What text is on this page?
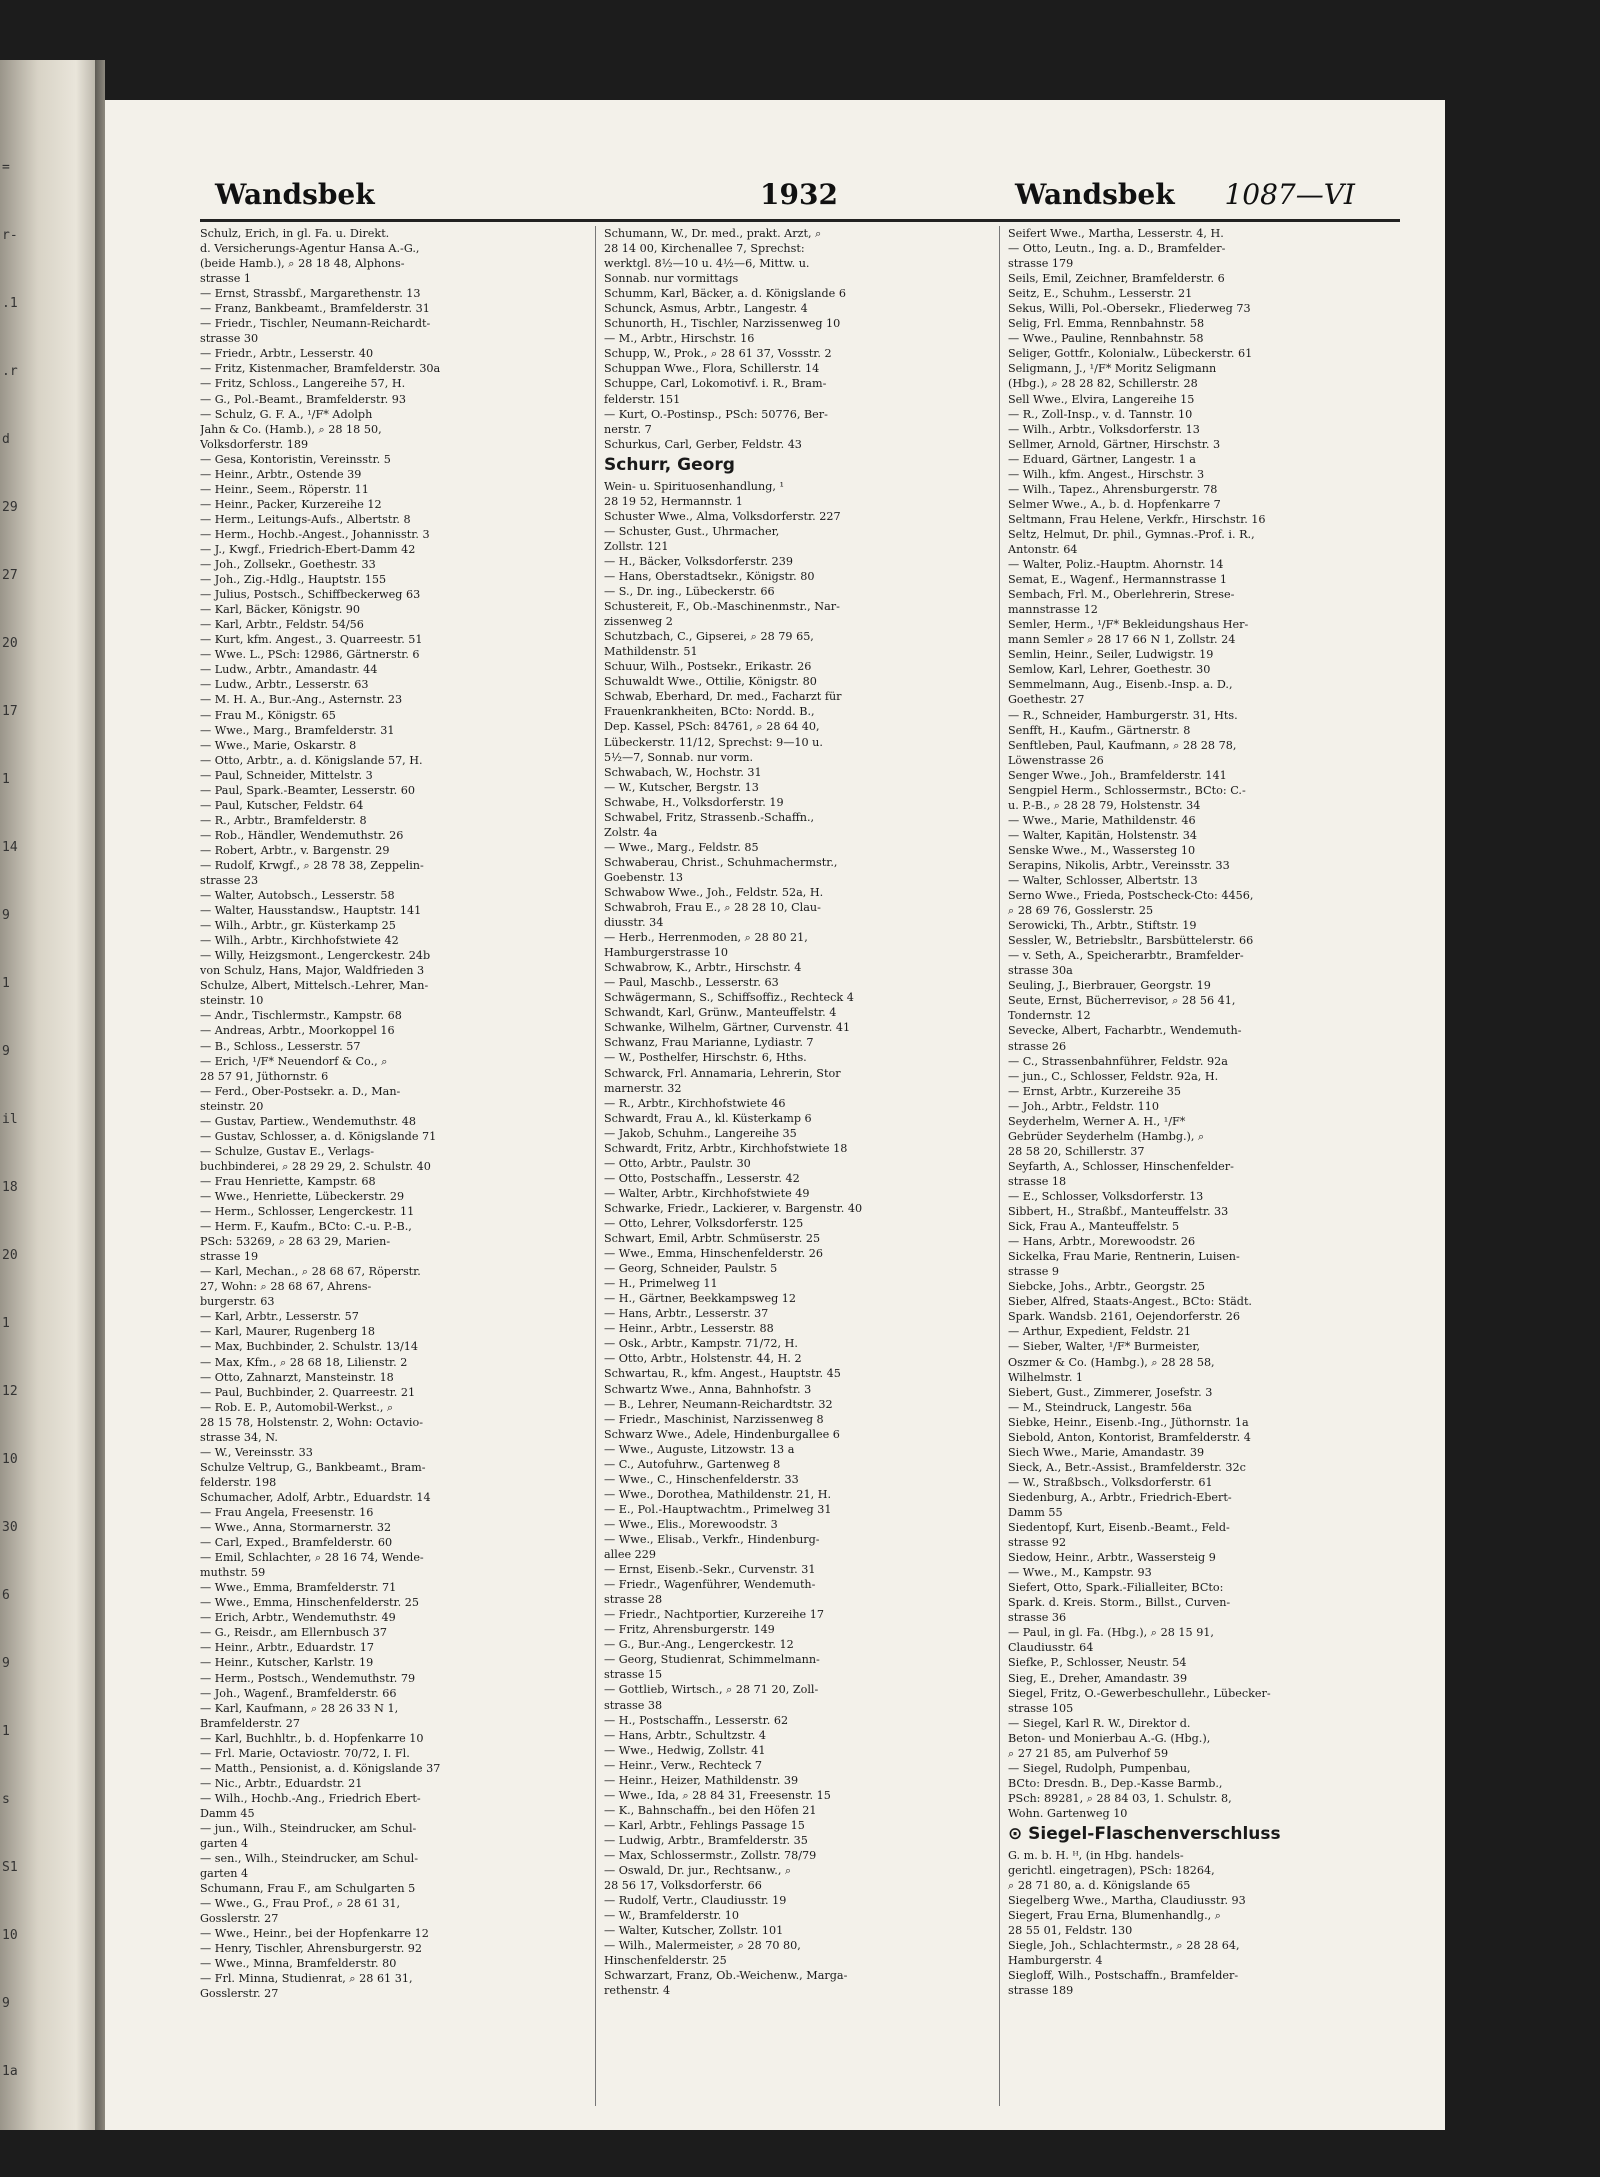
=
r-
.1
.r
d
29
27
20
17
1
14
9
1
9
il
18
20
1
12
10
30
6
9
1
s
S1
10
9
1a
Wandsbek	1932	Wandsbek 1087—VI
Schulz, Erich, in gl. Fa. u. Direkt.
d. Versicherungs-Agentur Hansa A.-G.,
(beide Hamb.), ⌕ 28 18 48, Alphons-
strasse 1
— Ernst, Strassbf., Margarethenstr. 13
— Franz, Bankbeamt., Bramfelderstr. 31
— Friedr., Tischler, Neumann-Reichardt-
strasse 30
— Friedr., Arbtr., Lesserstr. 40
— Fritz, Kistenmacher, Bramfelderstr. 30a
— Fritz, Schloss., Langereihe 57, H.
— G., Pol.-Beamt., Bramfelderstr. 93
— Schulz, G. F. A., ¹/F* Adolph
Jahn & Co. (Hamb.), ⌕ 28 18 50,
Volksdorferstr. 189
— Gesa, Kontoristin, Vereinsstr. 5
— Heinr., Arbtr., Ostende 39
— Heinr., Seem., Röperstr. 11
— Heinr., Packer, Kurzereihe 12
— Herm., Leitungs-Aufs., Albertstr. 8
— Herm., Hochb.-Angest., Johannisstr. 3
— J., Kwgf., Friedrich-Ebert-Damm 42
— Joh., Zollsekr., Goethestr. 33
— Joh., Zig.-Hdlg., Hauptstr. 155
— Julius, Postsch., Schiffbeckerweg 63
— Karl, Bäcker, Königstr. 90
— Karl, Arbtr., Feldstr. 54/56
— Kurt, kfm. Angest., 3. Quarreestr. 51
— Wwe. L., PSch: 12986, Gärtnerstr. 6
— Ludw., Arbtr., Amandastr. 44
— Ludw., Arbtr., Lesserstr. 63
— M. H. A., Bur.-Ang., Asternstr. 23
— Frau M., Königstr. 65
— Wwe., Marg., Bramfelderstr. 31
— Wwe., Marie, Oskarstr. 8
— Otto, Arbtr., a. d. Königslande 57, H.
— Paul, Schneider, Mittelstr. 3
— Paul, Spark.-Beamter, Lesserstr. 60
— Paul, Kutscher, Feldstr. 64
— R., Arbtr., Bramfelderstr. 8
— Rob., Händler, Wendemuthstr. 26
— Robert, Arbtr., v. Bargenstr. 29
— Rudolf, Krwgf., ⌕ 28 78 38, Zeppelin-
strasse 23
— Walter, Autobsch., Lesserstr. 58
— Walter, Hausstandsw., Hauptstr. 141
— Wilh., Arbtr., gr. Küsterkamp 25
— Wilh., Arbtr., Kirchhofstwiete 42
— Willy, Heizgsmont., Lengerckestr. 24b
von Schulz, Hans, Major, Waldfrieden 3
Schulze, Albert, Mittelsch.-Lehrer, Man-
steinstr. 10
— Andr., Tischlermstr., Kampstr. 68
— Andreas, Arbtr., Moorkoppel 16
— B., Schloss., Lesserstr. 57
— Erich, ¹/F* Neuendorf & Co., ⌕
28 57 91, Jüthornstr. 6
— Ferd., Ober-Postsekr. a. D., Man-
steinstr. 20
— Gustav, Partiew., Wendemuthstr. 48
— Gustav, Schlosser, a. d. Königslande 71
— Schulze, Gustav E., Verlags-
buchbinderei, ⌕ 28 29 29, 2. Schulstr. 40
— Frau Henriette, Kampstr. 68
— Wwe., Henriette, Lübeckerstr. 29
— Herm., Schlosser, Lengerckestr. 11
— Herm. F., Kaufm., BCto: C.-u. P.-B.,
PSch: 53269, ⌕ 28 63 29, Marien-
strasse 19
— Karl, Mechan., ⌕ 28 68 67, Röperstr.
27, Wohn: ⌕ 28 68 67, Ahrens-
burgerstr. 63
— Karl, Arbtr., Lesserstr. 57
— Karl, Maurer, Rugenberg 18
— Max, Buchbinder, 2. Schulstr. 13/14
— Max, Kfm., ⌕ 28 68 18, Lilienstr. 2
— Otto, Zahnarzt, Mansteinstr. 18
— Paul, Buchbinder, 2. Quarreestr. 21
— Rob. E. P., Automobil-Werkst., ⌕
28 15 78, Holstenstr. 2, Wohn: Octavio-
strasse 34, N.
— W., Vereinsstr. 33
Schulze Veltrup, G., Bankbeamt., Bram-
felderstr. 198
Schumacher, Adolf, Arbtr., Eduardstr. 14
— Frau Angela, Freesenstr. 16
— Wwe., Anna, Stormarnerstr. 32
— Carl, Exped., Bramfelderstr. 60
— Emil, Schlachter, ⌕ 28 16 74, Wende-
muthstr. 59
— Wwe., Emma, Bramfelderstr. 71
— Wwe., Emma, Hinschenfelderstr. 25
— Erich, Arbtr., Wendemuthstr. 49
— G., Reisdr., am Ellernbusch 37
— Heinr., Arbtr., Eduardstr. 17
— Heinr., Kutscher, Karlstr. 19
— Herm., Postsch., Wendemuthstr. 79
— Joh., Wagenf., Bramfelderstr. 66
— Karl, Kaufmann, ⌕ 28 26 33 N 1,
Bramfelderstr. 27
— Karl, Buchhltr., b. d. Hopfenkarre 10
— Frl. Marie, Octaviostr. 70/72, I. Fl.
— Matth., Pensionist, a. d. Königslande 37
— Nic., Arbtr., Eduardstr. 21
— Wilh., Hochb.-Ang., Friedrich Ebert-
Damm 45
— jun., Wilh., Steindrucker, am Schul-
garten 4
— sen., Wilh., Steindrucker, am Schul-
garten 4
Schumann, Frau F., am Schulgarten 5
— Wwe., G., Frau Prof., ⌕ 28 61 31,
Gosslerstr. 27
— Wwe., Heinr., bei der Hopfenkarre 12
— Henry, Tischler, Ahrensburgerstr. 92
— Wwe., Minna, Bramfelderstr. 80
— Frl. Minna, Studienrat, ⌕ 28 61 31,
Gosslerstr. 27
Schumann, W., Dr. med., prakt. Arzt, ⌕
28 14 00, Kirchenallee 7, Sprechst:
werktgl. 8½—10 u. 4½—6, Mittw. u.
Sonnab. nur vormittags
Schumm, Karl, Bäcker, a. d. Königslande 6
Schunck, Asmus, Arbtr., Langestr. 4
Schunorth, H., Tischler, Narzissenweg 10
— M., Arbtr., Hirschstr. 16
Schupp, W., Prok., ⌕ 28 61 37, Vossstr. 2
Schuppan Wwe., Flora, Schillerstr. 14
Schuppe, Carl, Lokomotivf. i. R., Bram-
felderstr. 151
— Kurt, O.-Postinsp., PSch: 50776, Ber-
nerstr. 7
Schurkus, Carl, Gerber, Feldstr. 43
Schurr, Georg
Wein- u. Spirituosenhandlung, ¹
28 19 52, Hermannstr. 1
Schuster Wwe., Alma, Volksdorferstr. 227
— Schuster, Gust., Uhrmacher,
Zollstr. 121
— H., Bäcker, Volksdorferstr. 239
— Hans, Oberstadtsekr., Königstr. 80
— S., Dr. ing., Lübeckerstr. 66
Schustereit, F., Ob.-Maschinenmstr., Nar-
zissenweg 2
Schutzbach, C., Gipserei, ⌕ 28 79 65,
Mathildenstr. 51
Schuur, Wilh., Postsekr., Erikastr. 26
Schuwaldt Wwe., Ottilie, Königstr. 80
Schwab, Eberhard, Dr. med., Facharzt für
Frauenkrankheiten, BCto: Nordd. B.,
Dep. Kassel, PSch: 84761, ⌕ 28 64 40,
Lübeckerstr. 11/12, Sprechst: 9—10 u.
5½—7, Sonnab. nur vorm.
Schwabach, W., Hochstr. 31
— W., Kutscher, Bergstr. 13
Schwabe, H., Volksdorferstr. 19
Schwabel, Fritz, Strassenb.-Schaffn.,
Zolstr. 4a
— Wwe., Marg., Feldstr. 85
Schwaberau, Christ., Schuhmachermstr.,
Goebenstr. 13
Schwabow Wwe., Joh., Feldstr. 52a, H.
Schwabroh, Frau E., ⌕ 28 28 10, Clau-
diusstr. 34
— Herb., Herrenmoden, ⌕ 28 80 21,
Hamburgerstrasse 10
Schwabrow, K., Arbtr., Hirschstr. 4
— Paul, Maschb., Lesserstr. 63
Schwägermann, S., Schiffsoffiz., Rechteck 4
Schwandt, Karl, Grünw., Manteuffelstr. 4
Schwanke, Wilhelm, Gärtner, Curvenstr. 41
Schwanz, Frau Marianne, Lydiastr. 7
— W., Posthelfer, Hirschstr. 6, Hths.
Schwarck, Frl. Annamaria, Lehrerin, Stor
marnerstr. 32
— R., Arbtr., Kirchhofstwiete 46
Schwardt, Frau A., kl. Küsterkamp 6
— Jakob, Schuhm., Langereihe 35
Schwardt, Fritz, Arbtr., Kirchhofstwiete 18
— Otto, Arbtr., Paulstr. 30
— Otto, Postschaffn., Lesserstr. 42
— Walter, Arbtr., Kirchhofstwiete 49
Schwarke, Friedr., Lackierer, v. Bargenstr. 40
— Otto, Lehrer, Volksdorferstr. 125
Schwart, Emil, Arbtr. Schmüserstr. 25
— Wwe., Emma, Hinschenfelderstr. 26
— Georg, Schneider, Paulstr. 5
— H., Primelweg 11
— H., Gärtner, Beekkampsweg 12
— Hans, Arbtr., Lesserstr. 37
— Heinr., Arbtr., Lesserstr. 88
— Osk., Arbtr., Kampstr. 71/72, H.
— Otto, Arbtr., Holstenstr. 44, H. 2
Schwartau, R., kfm. Angest., Hauptstr. 45
Schwartz Wwe., Anna, Bahnhofstr. 3
— B., Lehrer, Neumann-Reichardtstr. 32
— Friedr., Maschinist, Narzissenweg 8
Schwarz Wwe., Adele, Hindenburgallee 6
— Wwe., Auguste, Litzowstr. 13 a
— C., Autofuhrw., Gartenweg 8
— Wwe., C., Hinschenfelderstr. 33
— Wwe., Dorothea, Mathildenstr. 21, H.
— E., Pol.-Hauptwachtm., Primelweg 31
— Wwe., Elis., Morewoodstr. 3
— Wwe., Elisab., Verkfr., Hindenburg-
allee 229
— Ernst, Eisenb.-Sekr., Curvenstr. 31
— Friedr., Wagenführer, Wendemuth-
strasse 28
— Friedr., Nachtportier, Kurzereihe 17
— Fritz, Ahrensburgerstr. 149
— G., Bur.-Ang., Lengerckestr. 12
— Georg, Studienrat, Schimmelmann-
strasse 15
— Gottlieb, Wirtsch., ⌕ 28 71 20, Zoll-
strasse 38
— H., Postschaffn., Lesserstr. 62
— Hans, Arbtr., Schultzstr. 4
— Wwe., Hedwig, Zollstr. 41
— Heinr., Verw., Rechteck 7
— Heinr., Heizer, Mathildenstr. 39
— Wwe., Ida, ⌕ 28 84 31, Freesenstr. 15
— K., Bahnschaffn., bei den Höfen 21
— Karl, Arbtr., Fehlings Passage 15
— Ludwig, Arbtr., Bramfelderstr. 35
— Max, Schlossermstr., Zollstr. 78/79
— Oswald, Dr. jur., Rechtsanw., ⌕
28 56 17, Volksdorferstr. 66
— Rudolf, Vertr., Claudiusstr. 19
— W., Bramfelderstr. 10
— Walter, Kutscher, Zollstr. 101
— Wilh., Malermeister, ⌕ 28 70 80,
Hinschenfelderstr. 25
Schwarzart, Franz, Ob.-Weichenw., Marga-
rethenstr. 4
Seifert Wwe., Martha, Lesserstr. 4, H.
— Otto, Leutn., Ing. a. D., Bramfelder-
strasse 179
Seils, Emil, Zeichner, Bramfelderstr. 6
Seitz, E., Schuhm., Lesserstr. 21
Sekus, Willi, Pol.-Obersekr., Fliederweg 73
Selig, Frl. Emma, Rennbahnstr. 58
— Wwe., Pauline, Rennbahnstr. 58
Seliger, Gottfr., Kolonialw., Lübeckerstr. 61
Seligmann, J., ¹/F* Moritz Seligmann
(Hbg.), ⌕ 28 28 82, Schillerstr. 28
Sell Wwe., Elvira, Langereihe 15
— R., Zoll-Insp., v. d. Tannstr. 10
— Wilh., Arbtr., Volksdorferstr. 13
Sellmer, Arnold, Gärtner, Hirschstr. 3
— Eduard, Gärtner, Langestr. 1 a
— Wilh., kfm. Angest., Hirschstr. 3
— Wilh., Tapez., Ahrensburgerstr. 78
Selmer Wwe., A., b. d. Hopfenkarre 7
Seltmann, Frau Helene, Verkfr., Hirschstr. 16
Seltz, Helmut, Dr. phil., Gymnas.-Prof. i. R.,
Antonstr. 64
— Walter, Poliz.-Hauptm. Ahornstr. 14
Semat, E., Wagenf., Hermannstrasse 1
Sembach, Frl. M., Oberlehrerin, Strese-
mannstrasse 12
Semler, Herm., ¹/F* Bekleidungshaus Her-
mann Semler ⌕ 28 17 66 N 1, Zollstr. 24
Semlin, Heinr., Seiler, Ludwigstr. 19
Semlow, Karl, Lehrer, Goethestr. 30
Semmelmann, Aug., Eisenb.-Insp. a. D.,
Goethestr. 27
— R., Schneider, Hamburgerstr. 31, Hts.
Senfft, H., Kaufm., Gärtnerstr. 8
Senftleben, Paul, Kaufmann, ⌕ 28 28 78,
Löwenstrasse 26
Senger Wwe., Joh., Bramfelderstr. 141
Sengpiel Herm., Schlossermstr., BCto: C.-
u. P.-B., ⌕ 28 28 79, Holstenstr. 34
— Wwe., Marie, Mathildenstr. 46
— Walter, Kapitän, Holstenstr. 34
Senske Wwe., M., Wassersteg 10
Serapins, Nikolis, Arbtr., Vereinsstr. 33
— Walter, Schlosser, Albertstr. 13
Serno Wwe., Frieda, Postscheck-Cto: 4456,
⌕ 28 69 76, Gosslerstr. 25
Serowicki, Th., Arbtr., Stiftstr. 19
Sessler, W., Betriebsltr., Barsbüttelerstr. 66
— v. Seth, A., Speicherarbtr., Bramfelder-
strasse 30a
Seuling, J., Bierbrauer, Georgstr. 19
Seute, Ernst, Bücherrevisor, ⌕ 28 56 41,
Tondernstr. 12
Sevecke, Albert, Facharbtr., Wendemuth-
strasse 26
— C., Strassenbahnführer, Feldstr. 92a
— jun., C., Schlosser, Feldstr. 92a, H.
— Ernst, Arbtr., Kurzereihe 35
— Joh., Arbtr., Feldstr. 110
Seyderhelm, Werner A. H., ¹/F*
Gebrüder Seyderhelm (Hambg.), ⌕
28 58 20, Schillerstr. 37
Seyfarth, A., Schlosser, Hinschenfelder-
strasse 18
— E., Schlosser, Volksdorferstr. 13
Sibbert, H., Straßbf., Manteuffelstr. 33
Sick, Frau A., Manteuffelstr. 5
— Hans, Arbtr., Morewoodstr. 26
Sickelka, Frau Marie, Rentnerin, Luisen-
strasse 9
Siebcke, Johs., Arbtr., Georgstr. 25
Sieber, Alfred, Staats-Angest., BCto: Städt.
Spark. Wandsb. 2161, Oejendorferstr. 26
— Arthur, Expedient, Feldstr. 21
— Sieber, Walter, ¹/F* Burmeister,
Oszmer & Co. (Hambg.), ⌕ 28 28 58,
Wilhelmstr. 1
Siebert, Gust., Zimmerer, Josefstr. 3
— M., Steindruck, Langestr. 56a
Siebke, Heinr., Eisenb.-Ing., Jüthornstr. 1a
Siebold, Anton, Kontorist, Bramfelderstr. 4
Siech Wwe., Marie, Amandastr. 39
Sieck, A., Betr.-Assist., Bramfelderstr. 32c
— W., Straßbsch., Volksdorferstr. 61
Siedenburg, A., Arbtr., Friedrich-Ebert-
Damm 55
Siedentopf, Kurt, Eisenb.-Beamt., Feld-
strasse 92
Siedow, Heinr., Arbtr., Wassersteig 9
— Wwe., M., Kampstr. 93
Siefert, Otto, Spark.-Filialleiter, BCto:
Spark. d. Kreis. Storm., Billst., Curven-
strasse 36
— Paul, in gl. Fa. (Hbg.), ⌕ 28 15 91,
Claudiusstr. 64
Siefke, P., Schlosser, Neustr. 54
Sieg, E., Dreher, Amandastr. 39
Siegel, Fritz, O.-Gewerbeschullehr., Lübecker-
strasse 105
— Siegel, Karl R. W., Direktor d.
Beton- und Monierbau A.-G. (Hbg.),
⌕ 27 21 85, am Pulverhof 59
— Siegel, Rudolph, Pumpenbau,
BCto: Dresdn. B., Dep.-Kasse Barmb.,
PSch: 89281, ⌕ 28 84 03, 1. Schulstr. 8,
Wohn. Gartenweg 10
⊙ Siegel-Flaschenverschluss
G. m. b. H. ᵸ, (in Hbg. handels-
gerichtl. eingetragen), PSch: 18264,
⌕ 28 71 80, a. d. Königslande 65
Siegelberg Wwe., Martha, Claudiusstr. 93
Siegert, Frau Erna, Blumenhandlg., ⌕
28 55 01, Feldstr. 130
Siegle, Joh., Schlachtermstr., ⌕ 28 28 64,
Hamburgerstr. 4
Siegloff, Wilh., Postschaffn., Bramfelder-
strasse 189
